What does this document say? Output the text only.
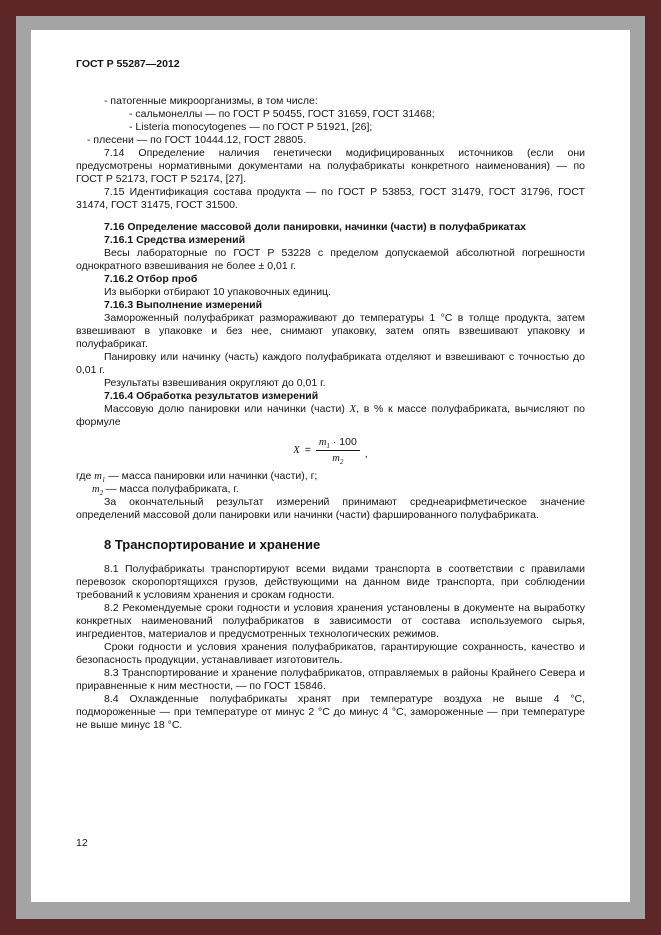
ГОСТ Р 55287—2012

- патогенные микроорганизмы, в том числе:

- сальмонеллы — по ГОСТ Р 50455, ГОСТ 31659, ГОСТ 31468;

- Listeria monocytogenes — по ГОСТ Р 51921, [26];

- плесени — по ГОСТ 10444.12, ГОСТ 28805.

7.14 Определение наличия генетически модифицированных источников (если они предусмотрены нормативными документами на полуфабрикаты конкретного наименования) — по ГОСТ Р 52173, ГОСТ Р 52174, [27].

7.15 Идентификация состава продукта — по ГОСТ Р 53853, ГОСТ 31479, ГОСТ 31796, ГОСТ 31474, ГОСТ 31475, ГОСТ 31500.

7.16 Определение массовой доли панировки, начинки (части) в полуфабрикатах

7.16.1 Средства измерений

Весы лабораторные по ГОСТ Р 53228 с пределом допускаемой абсолютной погрешности однократного взвешивания не более ± 0,01 г.

7.16.2 Отбор проб

Из выборки отбирают 10 упаковочных единиц.

7.16.3 Выполнение измерений

Замороженный полуфабрикат размораживают до температуры 1 °С в толще продукта, затем взвешивают в упаковке и без нее, снимают упаковку, затем опять взвешивают упаковку и полуфабрикат.

Панировку или начинку (часть) каждого полуфабриката отделяют и взвешивают с точностью до 0,01 г.

Результаты взвешивания округляют до 0,01 г.

7.16.4 Обработка результатов измерений

Массовую долю панировки или начинки (части) X, в % к массе полуфабриката, вычисляют по формуле

$X = \frac{m_1 \cdot 100}{m_2}$ ,

где $m_1$ — масса панировки или начинки (части), г;

$m_2$ — масса полуфабриката, г.

За окончательный результат измерений принимают среднеарифметическое значение определений массовой доли панировки или начинки (части) фаршированного полуфабриката.

8 Транспортирование и хранение

8.1 Полуфабрикаты транспортируют всеми видами транспорта в соответствии с правилами перевозок скоропортящихся грузов, действующими на данном виде транспорта, при соблюдении требований к условиям хранения и срокам годности.

8.2 Рекомендуемые сроки годности и условия хранения установлены в документе на выработку конкретных наименований полуфабрикатов в зависимости от состава используемого сырья, ингредиентов, материалов и предусмотренных технологических режимов.

Сроки годности и условия хранения полуфабрикатов, гарантирующие сохранность, качество и безопасность продукции, устанавливает изготовитель.

8.3 Транспортирование и хранение полуфабрикатов, отправляемых в районы Крайнего Севера и приравненные к ним местности, — по ГОСТ 15846.

8.4 Охлажденные полуфабрикаты хранят при температуре воздуха не выше 4 °С, подмороженные — при температуре от минус 2 °С до минус 4 °С, замороженные — при температуре не выше минус 18 °С.

12
